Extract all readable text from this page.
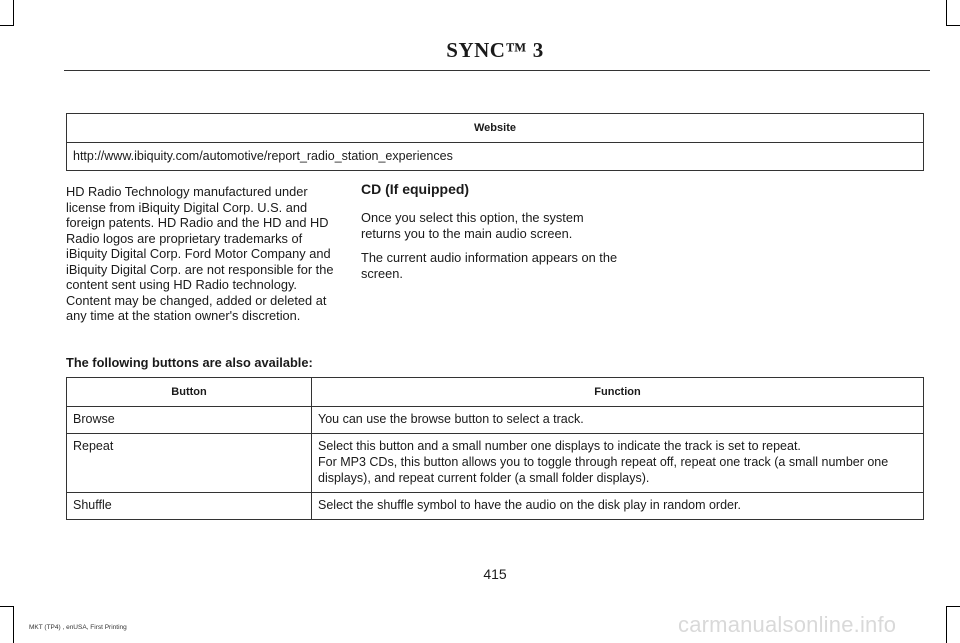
SYNC™ 3
Website
http://www.ibiquity.com/automotive/report_radio_station_experiences

HD Radio Technology manufactured under license from iBiquity Digital Corp. U.S. and foreign patents. HD Radio and the HD and HD Radio logos are proprietary trademarks of iBiquity Digital Corp. Ford Motor Company and iBiquity Digital Corp. are not responsible for the content sent using HD Radio technology. Content may be changed, added or deleted at any time at the station owner's discretion.

CD (If equipped)

Once you select this option, the system returns you to the main audio screen.

The current audio information appears on the screen.

The following buttons are also available:

Button	Function
Browse	You can use the browse button to select a track.

Repeat	Select this button and a small number one displays to indicate the track is set to repeat.

For MP3 CDs, this button allows you to toggle through repeat off, repeat one track (a small number one displays), and repeat current folder (a small folder displays).

Shuffle	Select the shuffle symbol to have the audio on the disk play in random order.

415
MKT (TP4) , enUSA, First Printing	carmanualsonline.info
